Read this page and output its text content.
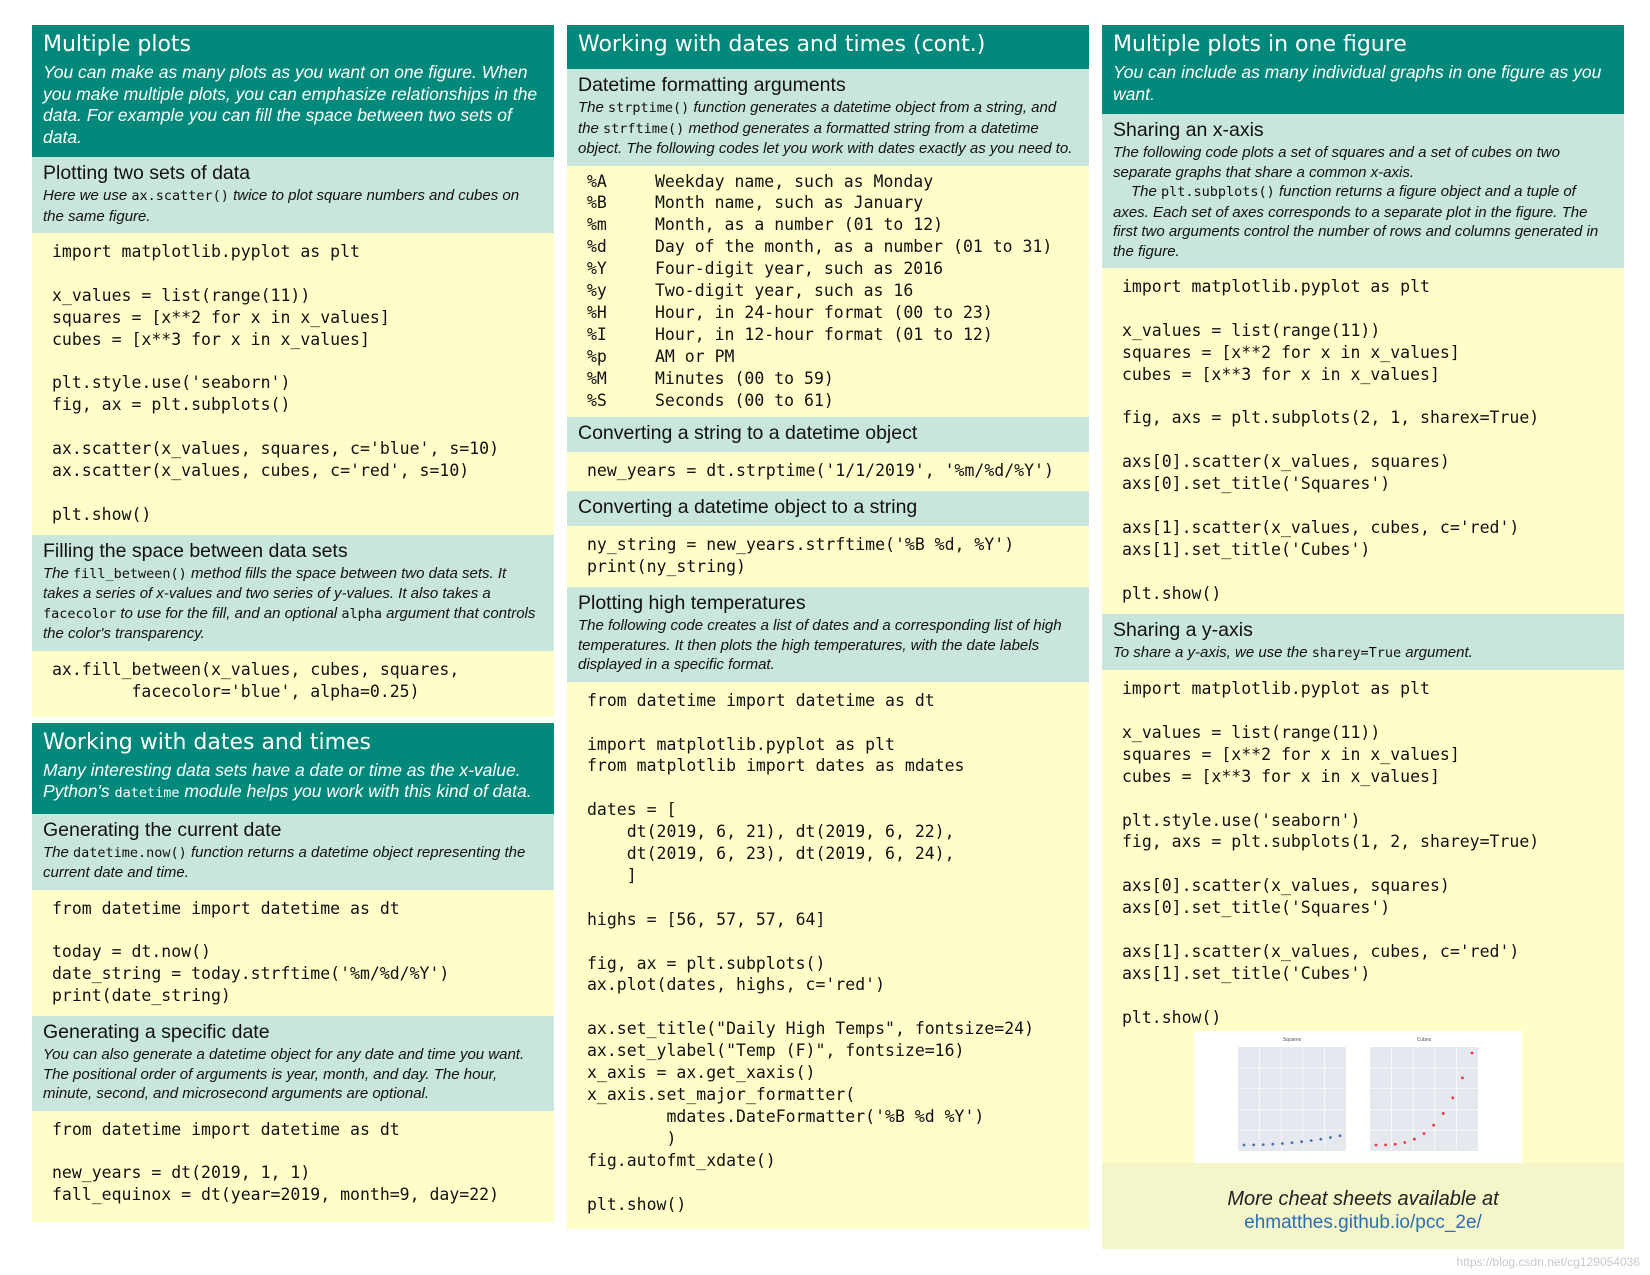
Multiple plots

You can make as many plots as you want on one figure. When you make multiple plots, you can emphasize relationships in the data. For example you can fill the space between two sets of data.

Plotting two sets of data

Here we use ax.scatter() twice to plot square numbers and cubes on the same figure.

import matplotlib.pyplot as plt

x_values = list(range(11))
squares = [x**2 for x in x_values]
cubes = [x**3 for x in x_values]

plt.style.use('seaborn')
fig, ax = plt.subplots()

ax.scatter(x_values, squares, c='blue', s=10)
ax.scatter(x_values, cubes, c='red', s=10)

plt.show()
Filling the space between data sets

The fill_between() method fills the space between two data sets. It takes a series of x-values and two series of y-values. It also takes a facecolor to use for the fill, and an optional alpha argument that controls the color's transparency.

ax.fill_between(x_values, cubes, squares,
facecolor='blue', alpha=0.25)
Working with dates and times

Many interesting data sets have a date or time as the x-value. Python's datetime module helps you work with this kind of data.

Generating the current date

The datetime.now() function returns a datetime object representing the current date and time.

from datetime import datetime as dt

today = dt.now()
date_string = today.strftime('%m/%d/%Y')
print(date_string)
Generating a specific date

You can also generate a datetime object for any date and time you want. The positional order of arguments is year, month, and day. The hour, minute, second, and microsecond arguments are optional.

from datetime import datetime as dt

new_years = dt(2019, 1, 1)
fall_equinox = dt(year=2019, month=9, day=22)
Working with dates and times (cont.)
Datetime formatting arguments

The strptime() function generates a datetime object from a string, and the strftime() method generates a formatted string from a datetime object. The following codes let you work with dates exactly as you need to.

%A	Weekday name, such as Monday
%B	Month name, such as January
%m	Month, as a number (01 to 12)
%d	Day of the month, as a number (01 to 31)
%Y	Four-digit year, such as 2016
%y	Two-digit year, such as 16
%H	Hour, in 24-hour format (00 to 23)
%I	Hour, in 12-hour format (01 to 12)
%p	AM or PM
%M	Minutes (00 to 59)
%S	Seconds (00 to 61)
Converting a string to a datetime object
new_years = dt.strptime('1/1/2019', '%m/%d/%Y')
Converting a datetime object to a string
ny_string = new_years.strftime('%B %d, %Y')
print(ny_string)
Plotting high temperatures

The following code creates a list of dates and a corresponding list of high temperatures. It then plots the high temperatures, with the date labels displayed in a specific format.

from datetime import datetime as dt

import matplotlib.pyplot as plt
from matplotlib import dates as mdates

dates = [
dt(2019, 6, 21), dt(2019, 6, 22),
dt(2019, 6, 23), dt(2019, 6, 24),
]

highs = [56, 57, 57, 64]

fig, ax = plt.subplots()
ax.plot(dates, highs, c='red')

ax.set_title("Daily High Temps", fontsize=24)
ax.set_ylabel("Temp (F)", fontsize=16)
x_axis = ax.get_xaxis()
x_axis.set_major_formatter(
mdates.DateFormatter('%B %d %Y')
)
fig.autofmt_xdate()

plt.show()
Multiple plots in one figure

You can include as many individual graphs in one figure as you want.

Sharing an x-axis

The following code plots a set of squares and a set of cubes on two separate graphs that share a common x-axis.

The plt.subplots() function returns a figure object and a tuple of axes. Each set of axes corresponds to a separate plot in the figure. The first two arguments control the number of rows and columns generated in the figure.

import matplotlib.pyplot as plt

x_values = list(range(11))
squares = [x**2 for x in x_values]
cubes = [x**3 for x in x_values]

fig, axs = plt.subplots(2, 1, sharex=True)

axs[0].scatter(x_values, squares)
axs[0].set_title('Squares')

axs[1].scatter(x_values, cubes, c='red')
axs[1].set_title('Cubes')

plt.show()
Sharing a y-axis

To share a y-axis, we use the sharey=True argument.

import matplotlib.pyplot as plt

x_values = list(range(11))
squares = [x**2 for x in x_values]
cubes = [x**3 for x in x_values]

plt.style.use('seaborn')
fig, axs = plt.subplots(1, 2, sharey=True)

axs[0].scatter(x_values, squares)
axs[0].set_title('Squares')

axs[1].scatter(x_values, cubes, c='red')
axs[1].set_title('Cubes')

plt.show()
Squares	Cubes
More cheat sheets available at
ehmatthes.github.io/pcc_2e/
https://blog.csdn.net/cg129054036
